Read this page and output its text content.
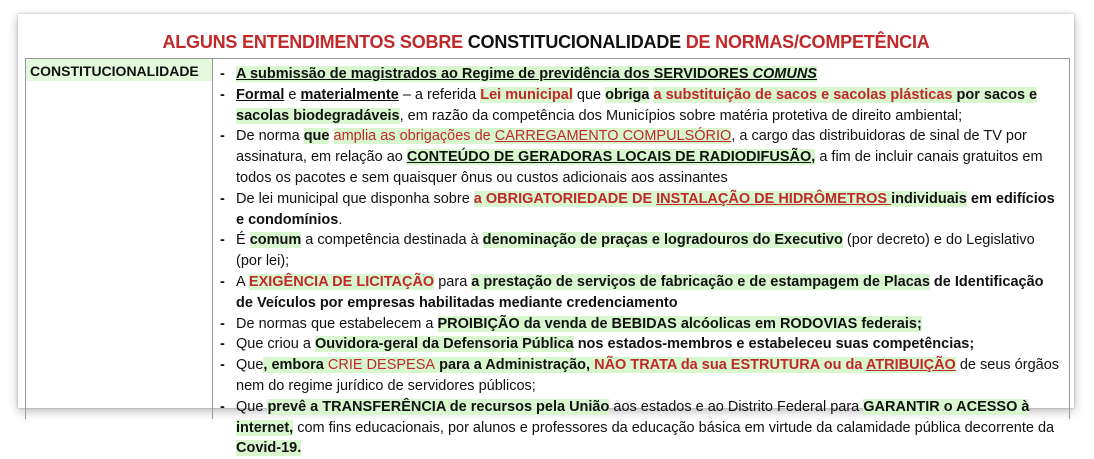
ALGUNS ENTENDIMENTOS SOBRE CONSTITUCIONALIDADE DE NORMAS/COMPETÊNCIA
CONSTITUCIONALIDADE	- A submissão de magistrados ao Regime de previdência dos SERVIDORES COMUNS
- Formal e materialmente – a referida Lei municipal que obriga a substituição de sacos e sacolas plásticas por sacos e sacolas biodegradáveis, em razão da competência dos Municípios sobre matéria protetiva de direito ambiental;
- De norma que amplia as obrigações de CARREGAMENTO COMPULSÓRIO, a cargo das distribuidoras de sinal de TV por assinatura, em relação ao CONTEÚDO DE GERADORAS LOCAIS DE RADIODIFUSÃO, a fim de incluir canais gratuitos em todos os pacotes e sem quaisquer ônus ou custos adicionais aos assinantes
- De lei municipal que disponha sobre a OBRIGATORIEDADE DE INSTALAÇÃO DE HIDRÔMETROS individuais em edifícios e condomínios.
- É comum a competência destinada à denominação de praças e logradouros do Executivo (por decreto) e do Legislativo (por lei);
- A EXIGÊNCIA DE LICITAÇÃO para a prestação de serviços de fabricação e de estampagem de Placas de Identificação de Veículos por empresas habilitadas mediante credenciamento
- De normas que estabelecem a PROIBIÇÃO da venda de BEBIDAS alcóolicas em RODOVIAS federais;
- Que criou a Ouvidora-geral da Defensoria Pública nos estados-membros e estabeleceu suas competências;
- Que, embora CRIE DESPESA para a Administração, NÃO TRATA da sua ESTRUTURA ou da ATRIBUIÇÃO de seus órgãos nem do regime jurídico de servidores públicos;
- Que prevê a TRANSFERÊNCIA de recursos pela União aos estados e ao Distrito Federal para GARANTIR o ACESSO à internet, com fins educacionais, por alunos e professores da educação básica em virtude da calamidade pública decorrente da Covid-19.
